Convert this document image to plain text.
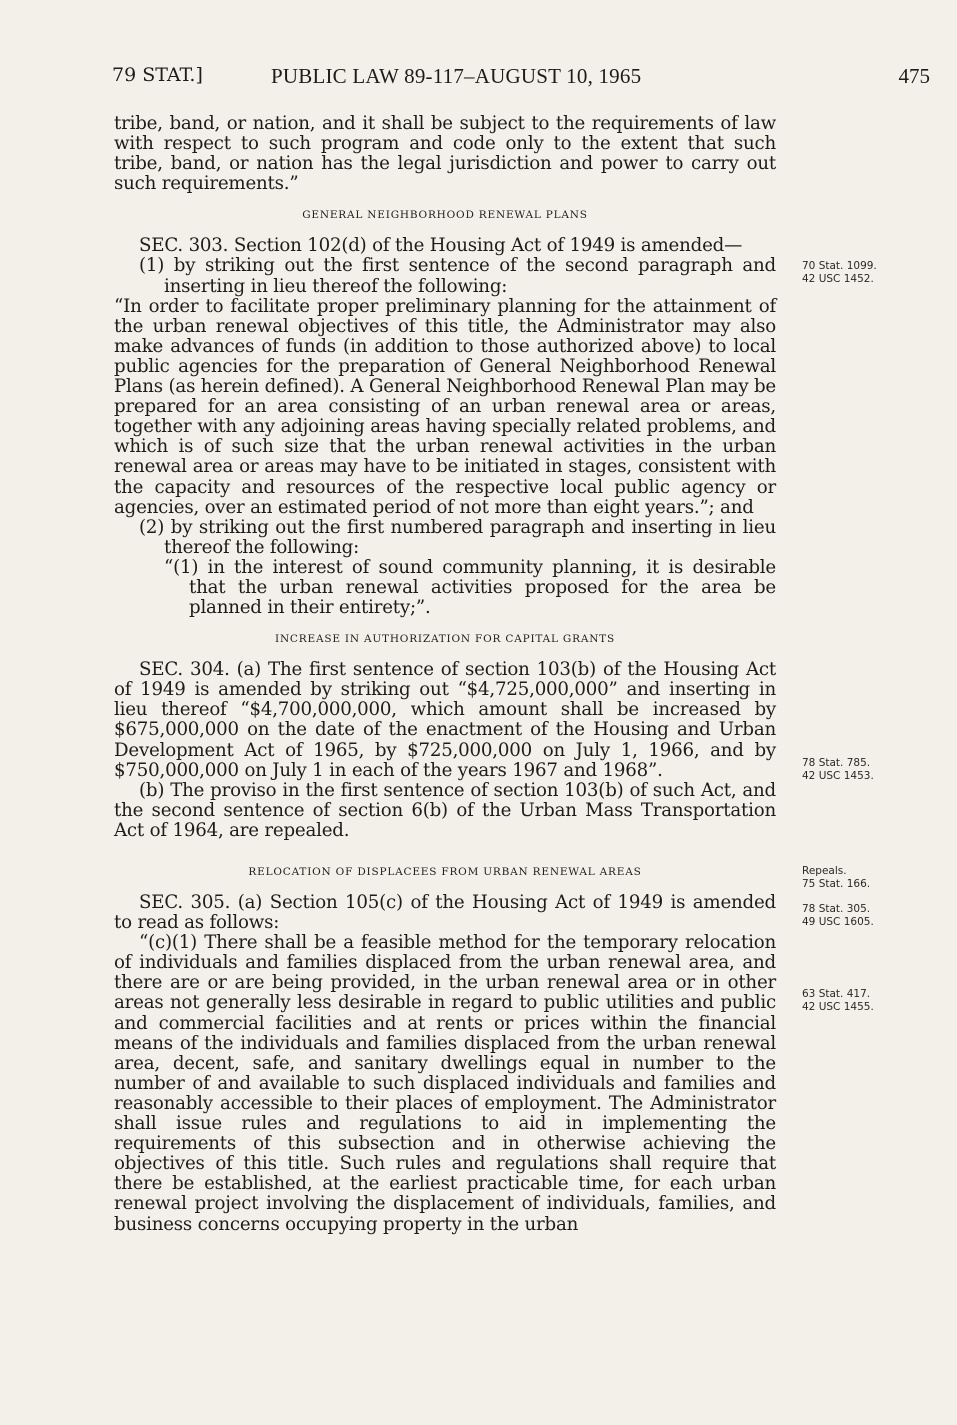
79 STAT.]	PUBLIC LAW 89-117–AUGUST 10, 1965	475

tribe, band, or nation, and it shall be subject to the requirements of law with respect to such program and code only to the extent that such tribe, band, or nation has the legal jurisdiction and power to carry out such requirements.”

GENERAL NEIGHBORHOOD RENEWAL PLANS

SEC. 303. Section 102(d) of the Housing Act of 1949 is amended—

(1) by striking out the first sentence of the second paragraph and inserting in lieu thereof the following:

“In order to facilitate proper preliminary planning for the attainment of the urban renewal objectives of this title, the Administrator may also make advances of funds (in addition to those authorized above) to local public agencies for the preparation of General Neighborhood Renewal Plans (as herein defined). A General Neighborhood Renewal Plan may be prepared for an area consisting of an urban renewal area or areas, together with any adjoining areas having specially related problems, and which is of such size that the urban renewal activities in the urban renewal area or areas may have to be initiated in stages, consistent with the capacity and resources of the respective local public agency or agencies, over an estimated period of not more than eight years.”; and

(2) by striking out the first numbered paragraph and inserting in lieu thereof the following:

“(1) in the interest of sound community planning, it is desirable that the urban renewal activities proposed for the area be planned in their entirety;”.

INCREASE IN AUTHORIZATION FOR CAPITAL GRANTS

SEC. 304. (a) The first sentence of section 103(b) of the Housing Act of 1949 is amended by striking out “$4,725,000,000” and inserting in lieu thereof “$4,700,000,000, which amount shall be increased by $675,000,000 on the date of the enactment of the Housing and Urban Development Act of 1965, by $725,000,000 on July 1, 1966, and by $750,000,000 on July 1 in each of the years 1967 and 1968”.

(b) The proviso in the first sentence of section 103(b) of such Act, and the second sentence of section 6(b) of the Urban Mass Transportation Act of 1964, are repealed.

RELOCATION OF DISPLACEES FROM URBAN RENEWAL AREAS

SEC. 305. (a) Section 105(c) of the Housing Act of 1949 is amended to read as follows:

“(c)(1) There shall be a feasible method for the temporary relocation of individuals and families displaced from the urban renewal area, and there are or are being provided, in the urban renewal area or in other areas not generally less desirable in regard to public utilities and public and commercial facilities and at rents or prices within the financial means of the individuals and families displaced from the urban renewal area, decent, safe, and sanitary dwellings equal in number to the number of and available to such displaced individuals and families and reasonably accessible to their places of employment. The Administrator shall issue rules and regulations to aid in implementing the requirements of this subsection and in otherwise achieving the objectives of this title. Such rules and regulations shall require that there be established, at the earliest practicable time, for each urban renewal project involving the displacement of individuals, families, and business concerns occupying property in the urban

70 Stat. 1099.
42 USC 1452.
78 Stat. 785.
42 USC 1453.
Repeals.
75 Stat. 166.
78 Stat. 305.
49 USC 1605.
63 Stat. 417.
42 USC 1455.
